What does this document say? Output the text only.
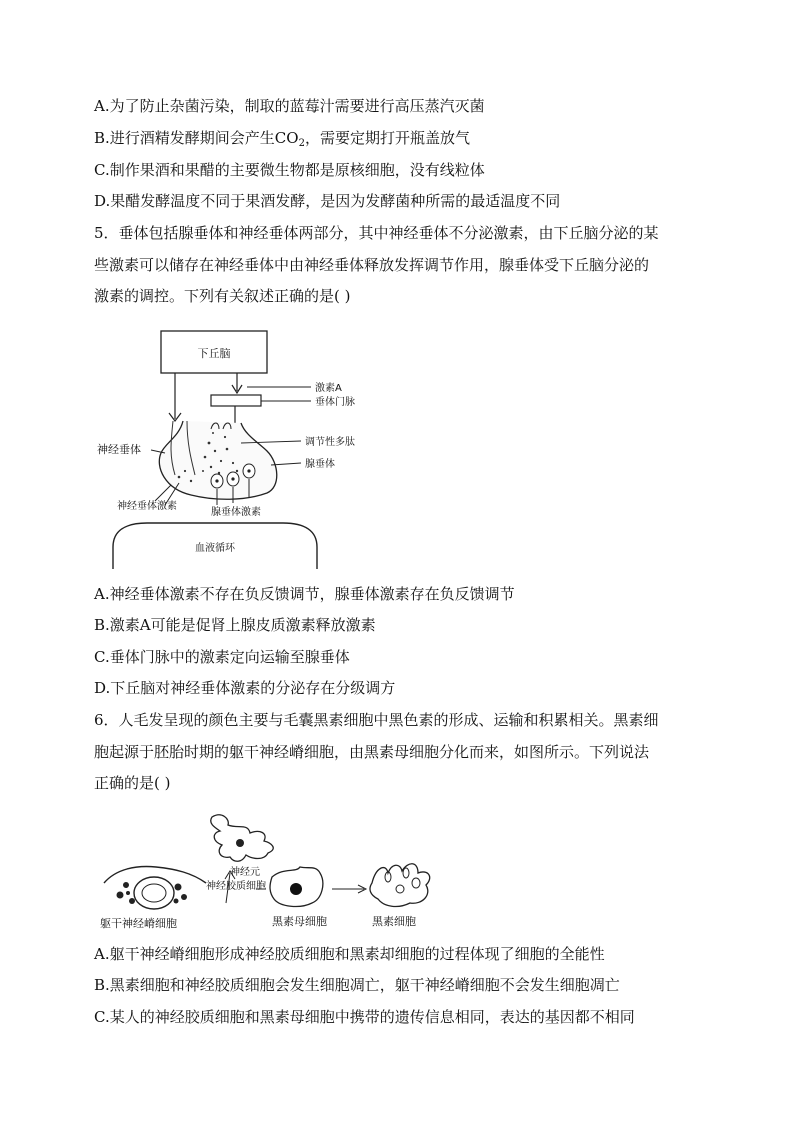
A.为了防止杂菌污染，制取的蓝莓汁需要进行高压蒸汽灭菌
B.进行酒精发酵期间会产生$CO_2$，需要定期打开瓶盖放气
C.制作果酒和果醋的主要微生物都是原核细胞，没有线粒体
D.果醋发酵温度不同于果酒发酵，是因为发酵菌种所需的最适温度不同
5．垂体包括腺垂体和神经垂体两部分，其中神经垂体不分泌激素，由下丘脑分泌的某
些激素可以储存在神经垂体中由神经垂体释放发挥调节作用，腺垂体受下丘脑分泌的
激素的调控。下列有关叙述正确的是( )
下丘脑
激素A
垂体门脉
神经垂体
调节性多肽
腺垂体
神经垂体激素
腺垂体激素
血液循环
A.神经垂体激素不存在负反馈调节，腺垂体激素存在负反馈调节
B.激素A可能是促肾上腺皮质激素释放激素
C.垂体门脉中的激素定向运输至腺垂体
D.下丘脑对神经垂体激素的分泌存在分级调方
6．人毛发呈现的颜色主要与毛囊黑素细胞中黑色素的形成、运输和积累相关。黑素细
胞起源于胚胎时期的躯干神经嵴细胞，由黑素母细胞分化而来，如图所示。下列说法
正确的是( )
躯干神经嵴细胞
神经元
神经胶质细胞
黑素母细胞	黑素细胞
A.躯干神经嵴细胞形成神经胶质细胞和黑素却细胞的过程体现了细胞的全能性
B.黑素细胞和神经胶质细胞会发生细胞凋亡，躯干神经嵴细胞不会发生细胞凋亡
C.某人的神经胶质细胞和黑素母细胞中携带的遗传信息相同，表达的基因都不相同
